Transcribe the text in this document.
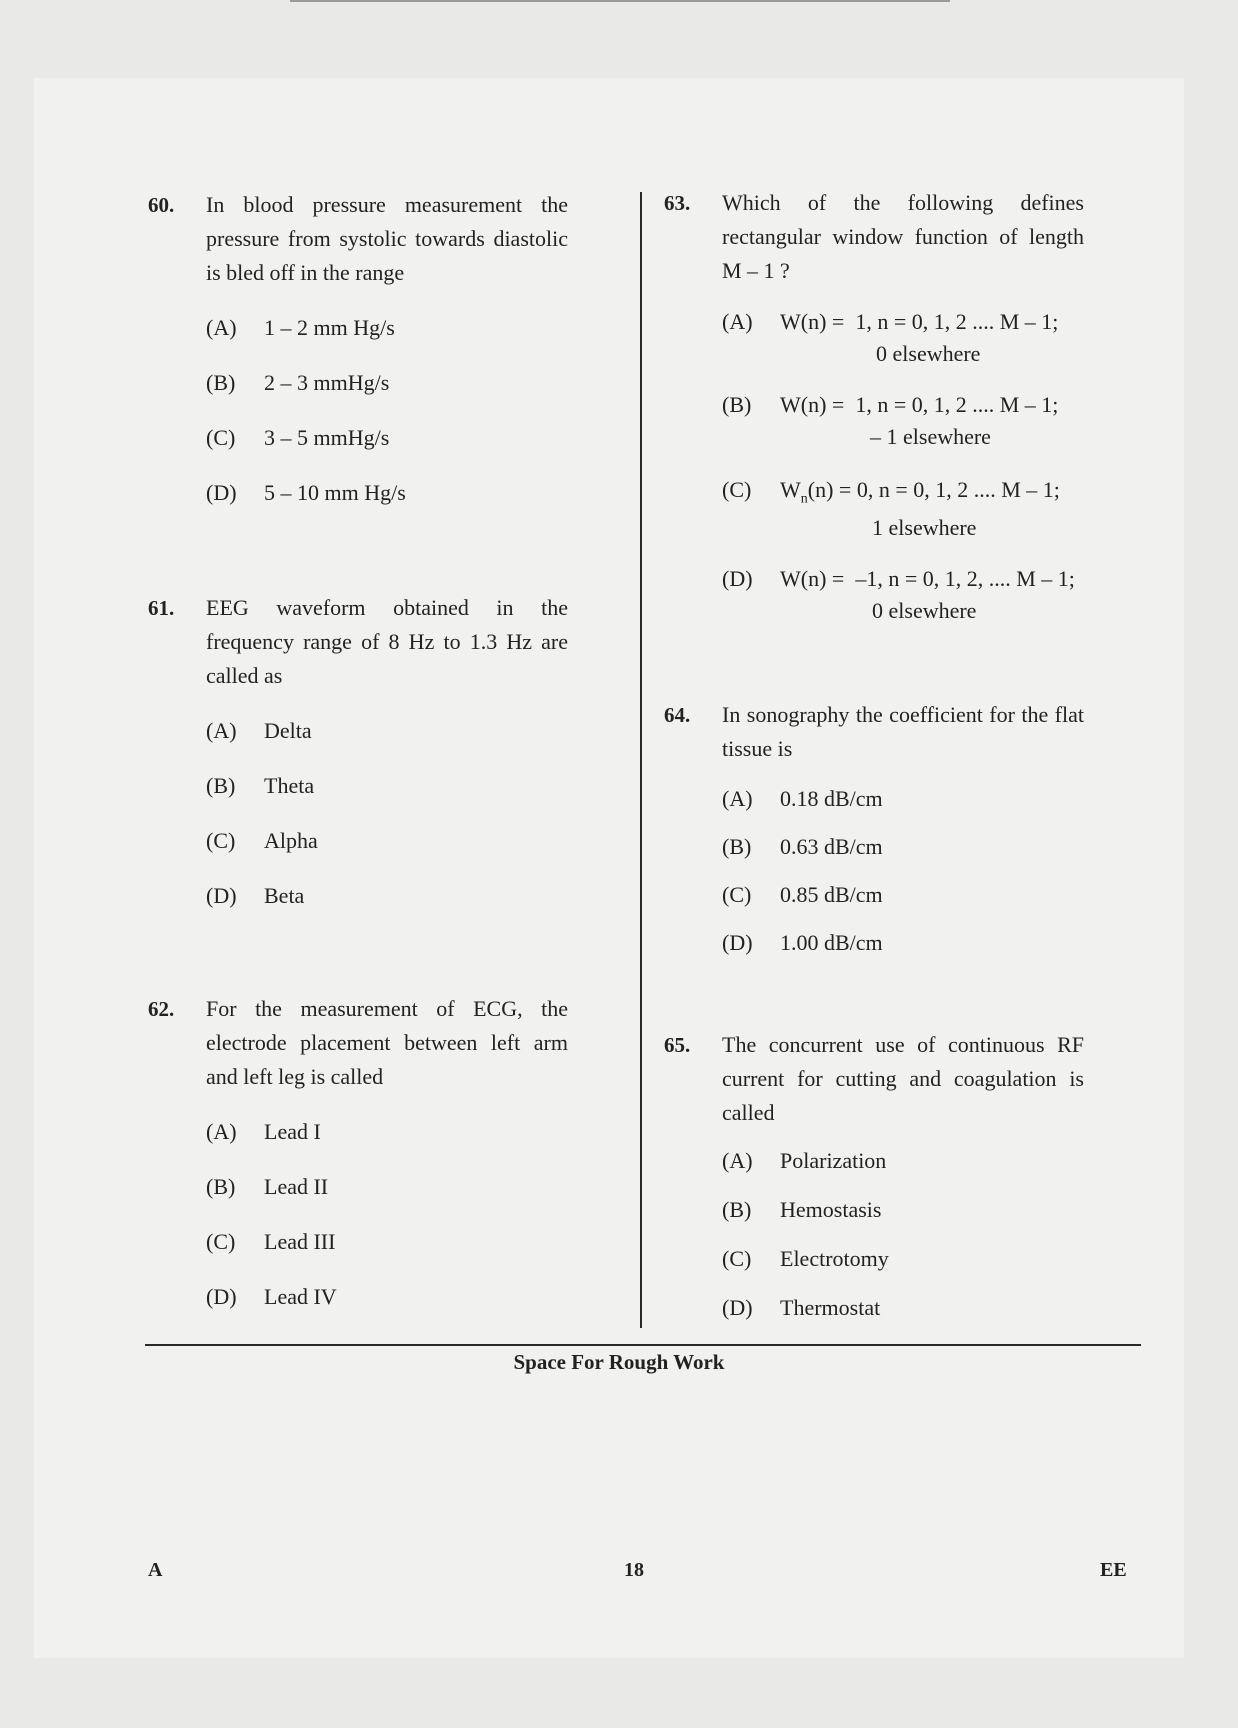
60. In blood pressure measurement the pressure from systolic towards diastolic is bled off in the range
(A) 1 – 2 mm Hg/s
(B) 2 – 3 mmHg/s
(C) 3 – 5 mmHg/s
(D) 5 – 10 mm Hg/s
61. EEG waveform obtained in the frequency range of 8 Hz to 1.3 Hz are called as
(A) Delta
(B) Theta
(C) Alpha
(D) Beta
62. For the measurement of ECG, the electrode placement between left arm and left leg is called
(A) Lead I
(B) Lead II
(C) Lead III
(D) Lead IV
63. Which of the following defines rectangular window function of length M – 1 ?
(A) W(n) = 1, n = 0, 1, 2 .... M – 1;
0 elsewhere
(B) W(n) = 1, n = 0, 1, 2 .... M – 1;
– 1 elsewhere
(C) $W_n(n) = 0$, n = 0, 1, 2 .... M – 1;
1 elsewhere
(D) W(n) = –1, n = 0, 1, 2, .... M – 1;
0 elsewhere
64. In sonography the coefficient for the flat tissue is
(A) 0.18 dB/cm
(B) 0.63 dB/cm
(C) 0.85 dB/cm
(D) 1.00 dB/cm
65. The concurrent use of continuous RF current for cutting and coagulation is called
(A) Polarization
(B) Hemostasis
(C) Electrotomy
(D) Thermostat
Space For Rough Work
A	18	EE
